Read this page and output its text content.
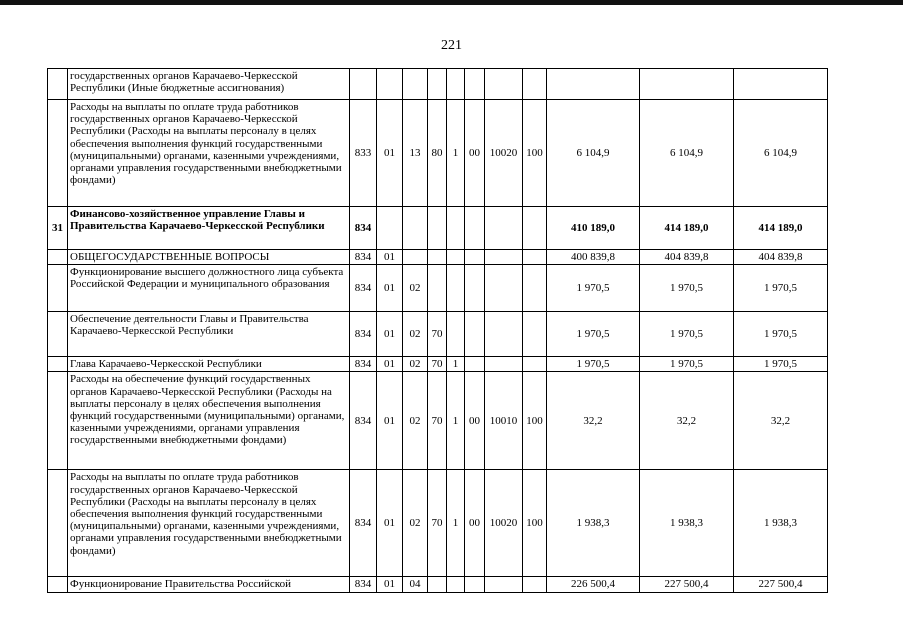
221
	государственных органов Карачаево-Черкесской Республики (Иные бюджетные ассигнования)											
	Расходы на выплаты по оплате труда работников государственных органов Карачаево-Черкесской Республики (Расходы на выплаты персоналу в целях обеспечения выполнения функций государственными (муниципальными) органами, казенными учреждениями, органами управления государственными внебюджетными фондами)	833	01	13	80	1	00	10020	100	6 104,9	6 104,9	6 104,9
31	Финансово-хозяйственное управление Главы и Правительства Карачаево-Черкесской Республики	834								410 189,0	414 189,0	414 189,0
	ОБЩЕГОСУДАРСТВЕННЫЕ ВОПРОСЫ	834	01							400 839,8	404 839,8	404 839,8
	Функционирование высшего должностного лица субъекта Российской Федерации и муниципального образования	834	01	02						1 970,5	1 970,5	1 970,5
	Обеспечение деятельности Главы и Правительства Карачаево-Черкесской Республики	834	01	02	70					1 970,5	1 970,5	1 970,5
	Глава Карачаево-Черкесской Республики	834	01	02	70	1				1 970,5	1 970,5	1 970,5
	Расходы на обеспечение функций государственных органов Карачаево-Черкесской Республики (Расходы на выплаты персоналу в целях обеспечения выполнения функций государственными (муниципальными) органами, казенными учреждениями, органами управления государственными внебюджетными фондами)	834	01	02	70	1	00	10010	100	32,2	32,2	32,2
	Расходы на выплаты по оплате труда работников государственных органов Карачаево-Черкесской Республики (Расходы на выплаты персоналу в целях обеспечения выполнения функций государственными (муниципальными) органами, казенными учреждениями, органами управления государственными внебюджетными фондами)	834	01	02	70	1	00	10020	100	1 938,3	1 938,3	1 938,3
	Функционирование Правительства Российской	834	01	04						226 500,4	227 500,4	227 500,4
